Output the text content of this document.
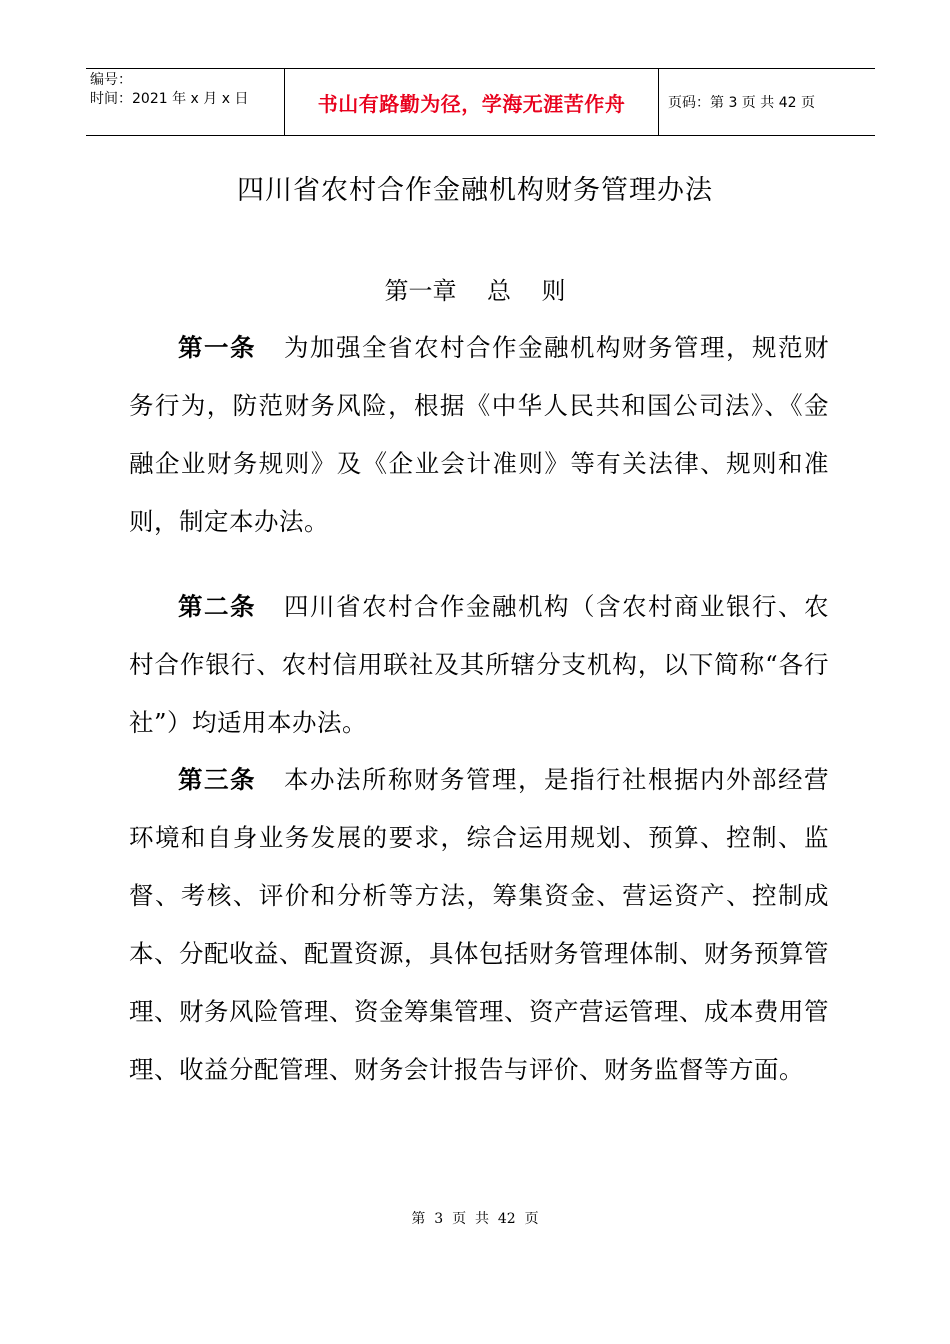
编号：
时间：2021 年 x 月 x 日	书山有路勤为径，学海无涯苦作舟	页码：第 3 页 共 42 页
四川省农村合作金融机构财务管理办法
第一章    总    则
第一条 为加强全省农村合作金融机构财务管理，规范财务行为，防范财务风险，根据《中华人民共和国公司法》、《金融企业财务规则》及《企业会计准则》等有关法律、规则和准则，制定本办法。
第二条 四川省农村合作金融机构（含农村商业银行、农村合作银行、农村信用联社及其所辖分支机构，以下简称“各行社”）均适用本办法。
第三条 本办法所称财务管理，是指行社根据内外部经营环境和自身业务发展的要求，综合运用规划、预算、控制、监督、考核、评价和分析等方法，筹集资金、营运资产、控制成本、分配收益、配置资源，具体包括财务管理体制、财务预算管理、财务风险管理、资金筹集管理、资产营运管理、成本费用管理、收益分配管理、财务会计报告与评价、财务监督等方面。
第  3  页  共  42  页
